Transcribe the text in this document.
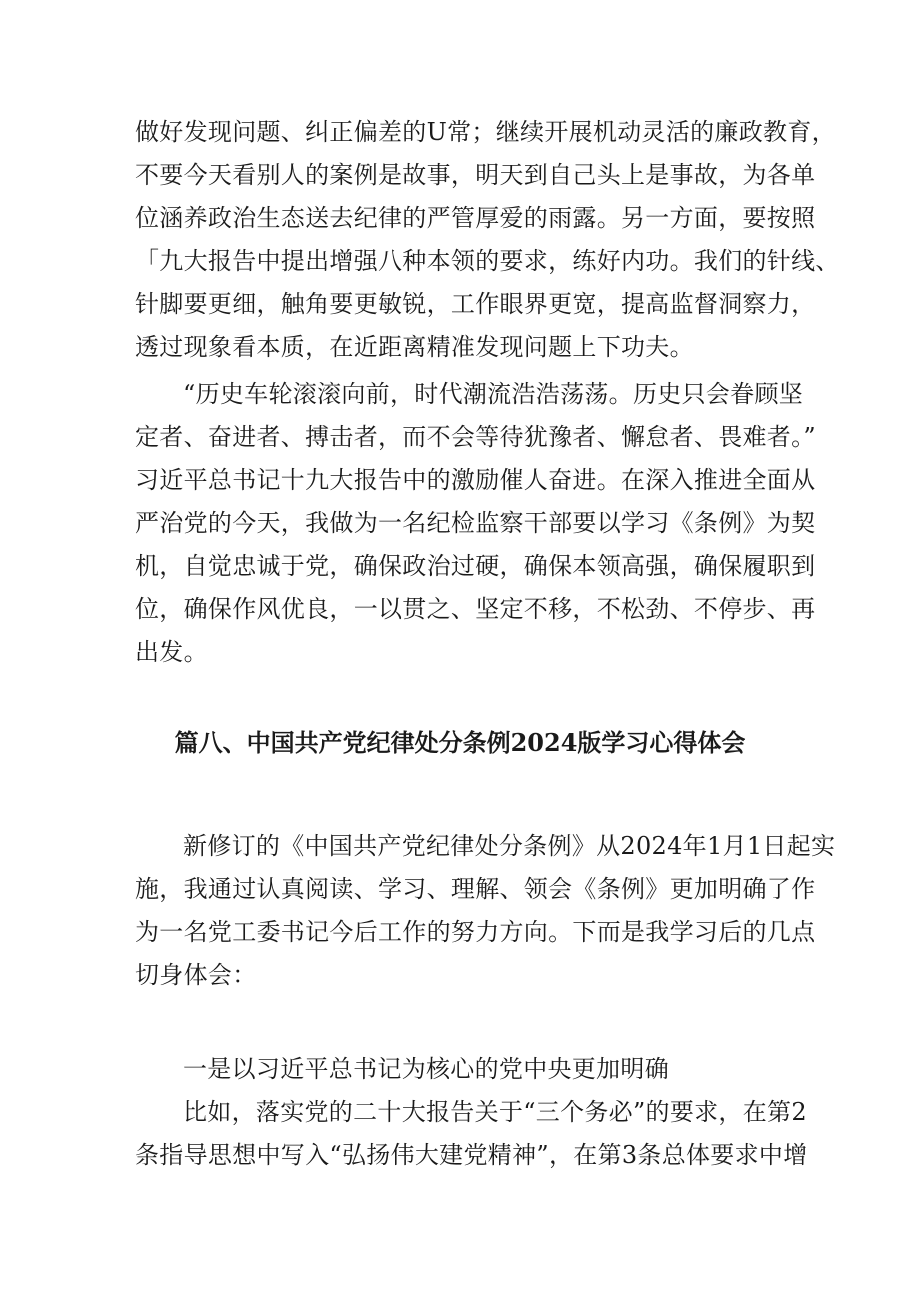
做好发现问题、纠正偏差的U常；继续开展机动灵活的廉政教育，
不要今天看别人的案例是故事，明天到自己头上是事故，为各单
位涵养政治生态送去纪律的严管厚爱的雨露。另一方面，要按照
「九大报告中提出增强八种本领的要求，练好内功。我们的针线、
针脚要更细，触角要更敏锐，工作眼界更宽，提高监督洞察力，
透过现象看本质，在近距离精准发现问题上下功夫。
“历史车轮滚滚向前，时代潮流浩浩荡荡。历史只会眷顾坚
定者、奋进者、搏击者，而不会等待犹豫者、懈怠者、畏难者。”
习近平总书记十九大报告中的激励催人奋进。在深入推进全面从
严治党的今天，我做为一名纪检监察干部要以学习《条例》为契
机，自觉忠诚于党，确保政治过硬，确保本领高强，确保履职到
位，确保作风优良，一以贯之、坚定不移，不松劲、不停步、再
出发。
篇八、中国共产党纪律处分条例2024版学习心得体会
新修订的《中国共产党纪律处分条例》从2024年1月1日起实
施，我通过认真阅读、学习、理解、领会《条例》更加明确了作
为一名党工委书记今后工作的努力方向。下而是我学习后的几点
切身体会：
一是以习近平总书记为核心的党中央更加明确
比如，落实党的二十大报告关于“三个务必”的要求，在第2
条指导思想中写入“弘扬伟大建党精神”，在第3条总体要求中增
